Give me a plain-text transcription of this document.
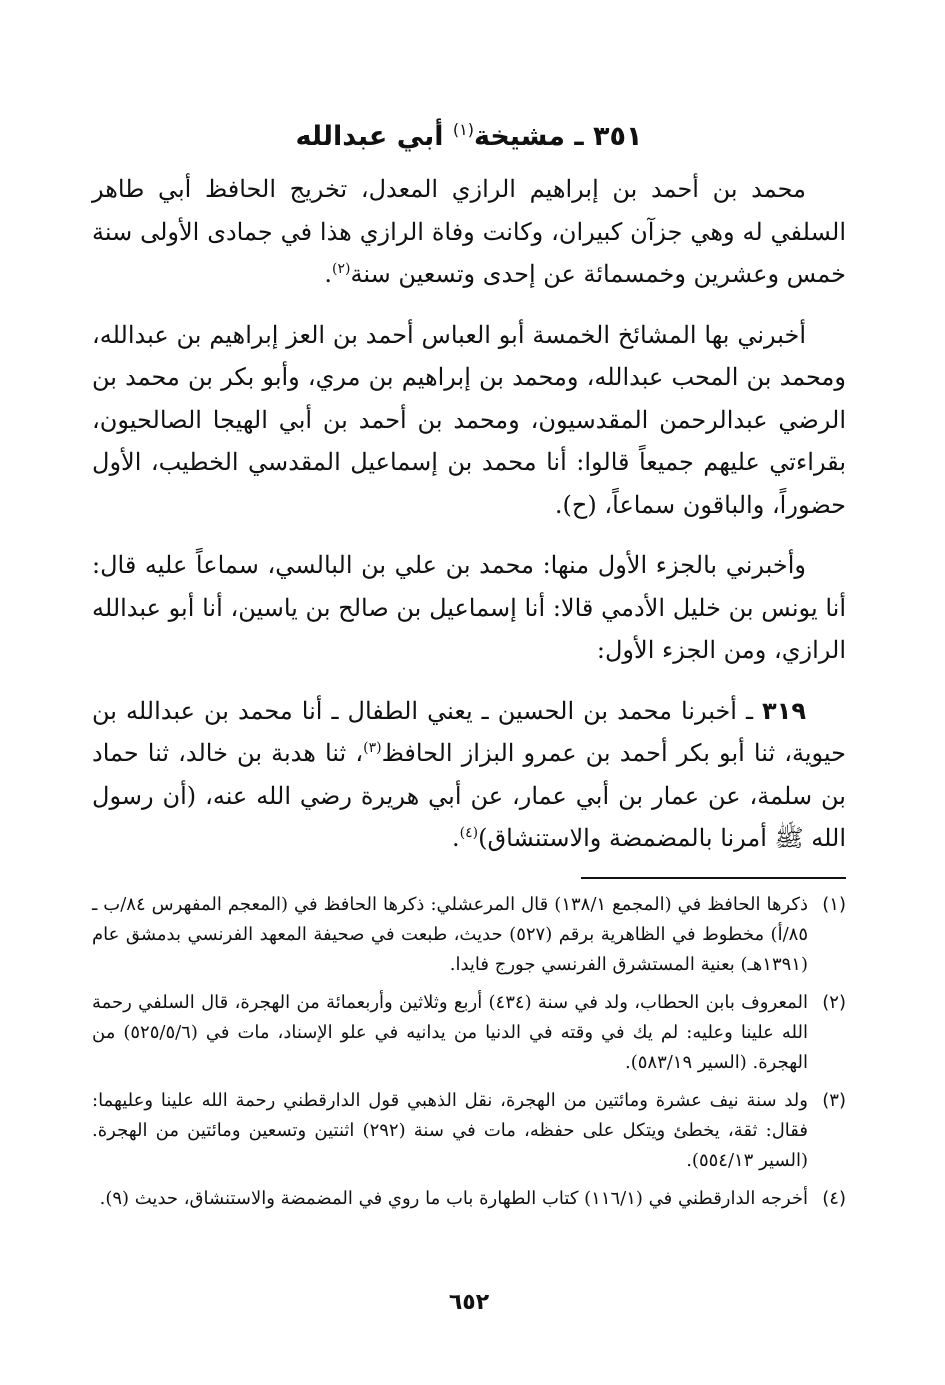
٣٥١ ـ مشيخة$^{(١)}$ أبي عبدالله

محمد بن أحمد بن إبراهيم الرازي المعدل، تخريج الحافظ أبي طاهر السلفي له وهي جزآن كبيران، وكانت وفاة الرازي هذا في جمادى الأولى سنة خمس وعشرين وخمسمائة عن إحدى وتسعين سنة$^{(٢)}$.

أخبرني بها المشائخ الخمسة أبو العباس أحمد بن العز إبراهيم بن عبدالله، ومحمد بن المحب عبدالله، ومحمد بن إبراهيم بن مري، وأبو بكر بن محمد بن الرضي عبدالرحمن المقدسيون، ومحمد بن أحمد بن أبي الهيجا الصالحيون، بقراءتي عليهم جميعاً قالوا: أنا محمد بن إسماعيل المقدسي الخطيب، الأول حضوراً، والباقون سماعاً، (ح).

وأخبرني بالجزء الأول منها: محمد بن علي بن البالسي، سماعاً عليه قال: أنا يونس بن خليل الأدمي قالا: أنا إسماعيل بن صالح بن ياسين، أنا أبو عبدالله الرازي، ومن الجزء الأول:

٣١٩ ـ أخبرنا محمد بن الحسين ـ يعني الطفال ـ أنا محمد بن عبدالله بن حيوية، ثنا أبو بكر أحمد بن عمرو البزاز الحافظ$^{(٣)}$، ثنا هدبة بن خالد، ثنا حماد بن سلمة، عن عمار بن أبي عمار، عن أبي هريرة رضي الله عنه، (أن رسول الله ﷺ أمرنا بالمضمضة والاستنشاق)$^{(٤)}$.

(١)
ذكرها الحافظ في (المجمع ١٣٨/١) قال المرعشلي: ذكرها الحافظ في (المعجم المفهرس ٨٤/ب ـ ٨٥/أ) مخطوط في الظاهرية برقم (٥٢٧) حديث، طبعت في صحيفة المعهد الفرنسي بدمشق عام (١٣٩١هـ) بعنية المستشرق الفرنسي جورج فايدا.
(٢)
المعروف بابن الحطاب، ولد في سنة (٤٣٤) أربع وثلاثين وأربعمائة من الهجرة، قال السلفي رحمة الله علينا وعليه: لم يك في وقته في الدنيا من يدانيه في علو الإسناد، مات في (٥٢٥/٥/٦) من الهجرة. (السير ٥٨٣/١٩).
(٣)
ولد سنة نيف عشرة ومائتين من الهجرة، نقل الذهبي قول الدارقطني رحمة الله علينا وعليهما: فقال: ثقة، يخطئ ويتكل على حفظه، مات في سنة (٢٩٢) اثنتين وتسعين ومائتين من الهجرة. (السير ٥٥٤/١٣).
(٤)
أخرجه الدارقطني في (١١٦/١) كتاب الطهارة باب ما روي في المضمضة والاستنشاق، حديث (٩).
٦٥٢
